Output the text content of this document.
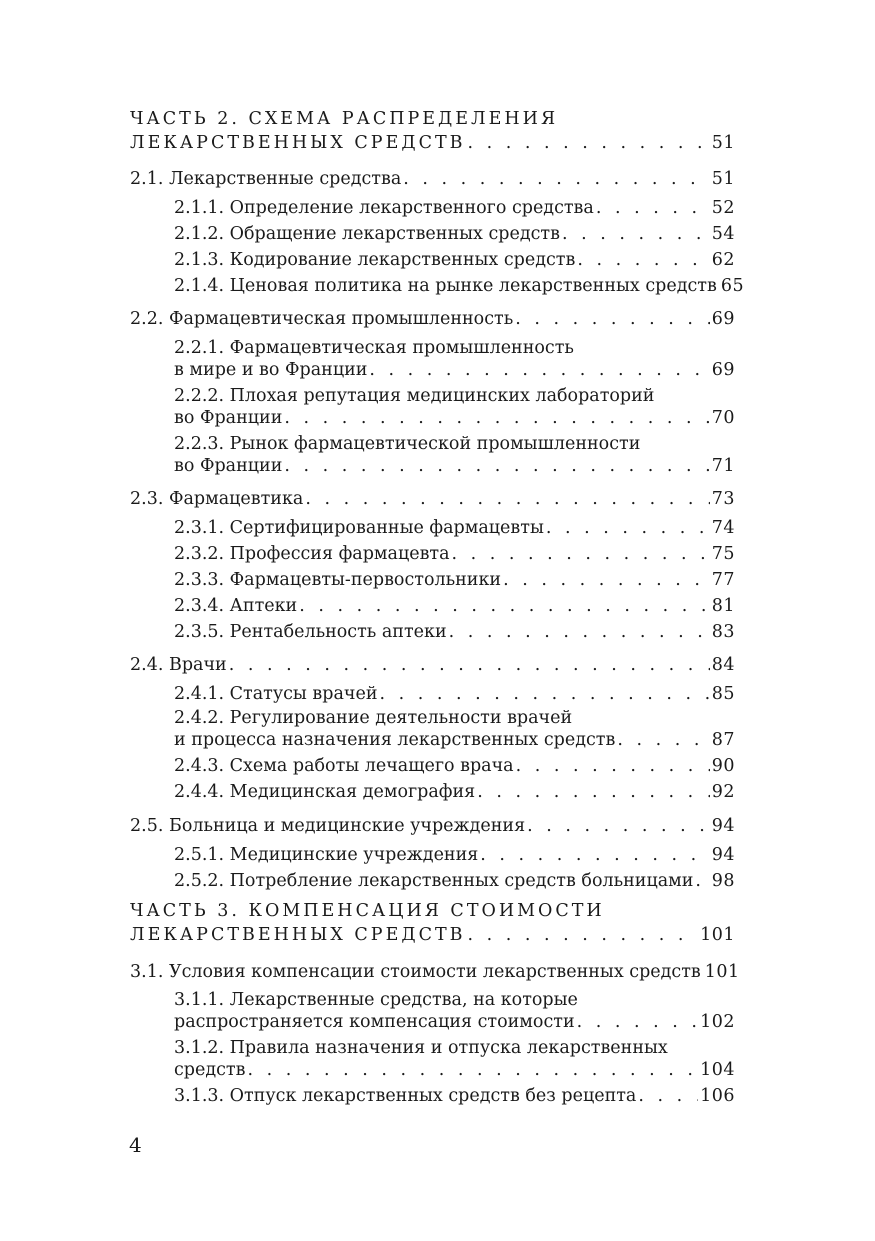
ЧАСТЬ 2. СХЕМА РАСПРЕДЕЛЕНИЯ
ЛЕКАРСТВЕННЫХ СРЕДСТВ . . .	51
2.1. Лекарственные средства . . .	51
2.1.1. Определение лекарственного средства . . .	52
2.1.2. Обращение лекарственных средств . . .	54
2.1.3. Кодирование лекарственных средств . . .	62
2.1.4. Ценовая политика на рынке лекарственных средств 65
2.2. Фармацевтическая промышленность . . .	69
2.2.1. Фармацевтическая промышленность
в мире и во Франции . . .	69
2.2.2. Плохая репутация медицинских лабораторий
во Франции . . .	70
2.2.3. Рынок фармацевтической промышленности
во Франции . . .	71
2.3. Фармацевтика . . .	73
2.3.1. Сертифицированные фармацевты . . .	74
2.3.2. Профессия фармацевта . . .	75
2.3.3. Фармацевты-первостольники . . .	77
2.3.4. Аптеки . . .	81
2.3.5. Рентабельность аптеки . . .	83
2.4. Врачи . . .	84
2.4.1. Статусы врачей . . .	85
2.4.2. Регулирование деятельности врачей
и процесса назначения лекарственных средств . . .	87
2.4.3. Схема работы лечащего врача . . .	90
2.4.4. Медицинская демография . . .	92
2.5. Больница и медицинские учреждения . . .	94
2.5.1. Медицинские учреждения . . .	94
2.5.2. Потребление лекарственных средств больницами . . . 98
ЧАСТЬ 3. КОМПЕНСАЦИЯ СТОИМОСТИ
ЛЕКАРСТВЕННЫХ СРЕДСТВ . . .	101
3.1. Условия компенсации стоимости лекарственных средств 101
3.1.1. Лекарственные средства, на которые
распространяется компенсация стоимости . . .	102
3.1.2. Правила назначения и отпуска лекарственных
средств . . .	104
3.1.3. Отпуск лекарственных средств без рецепта . . .	106
4
